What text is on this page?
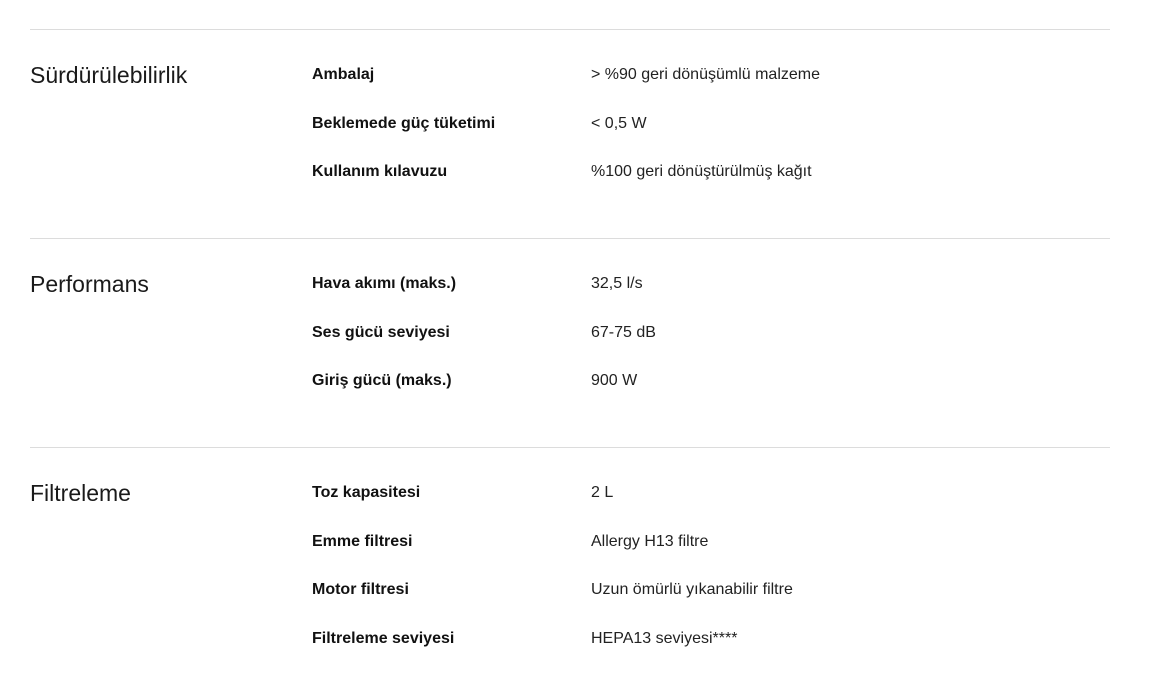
Sürdürülebilirlik	Ambalaj	> %90 geri dönüşümlü malzeme
Beklemede güç tüketimi	< 0,5 W
Kullanım kılavuzu	%100 geri dönüştürülmüş kağıt
Performans	Hava akımı (maks.)	32,5 l/s
Ses gücü seviyesi	67-75 dB
Giriş gücü (maks.)	900 W
Filtreleme	Toz kapasitesi	2 L
Emme filtresi	Allergy H13 filtre
Motor filtresi	Uzun ömürlü yıkanabilir filtre
Filtreleme seviyesi	HEPA13 seviyesi****
